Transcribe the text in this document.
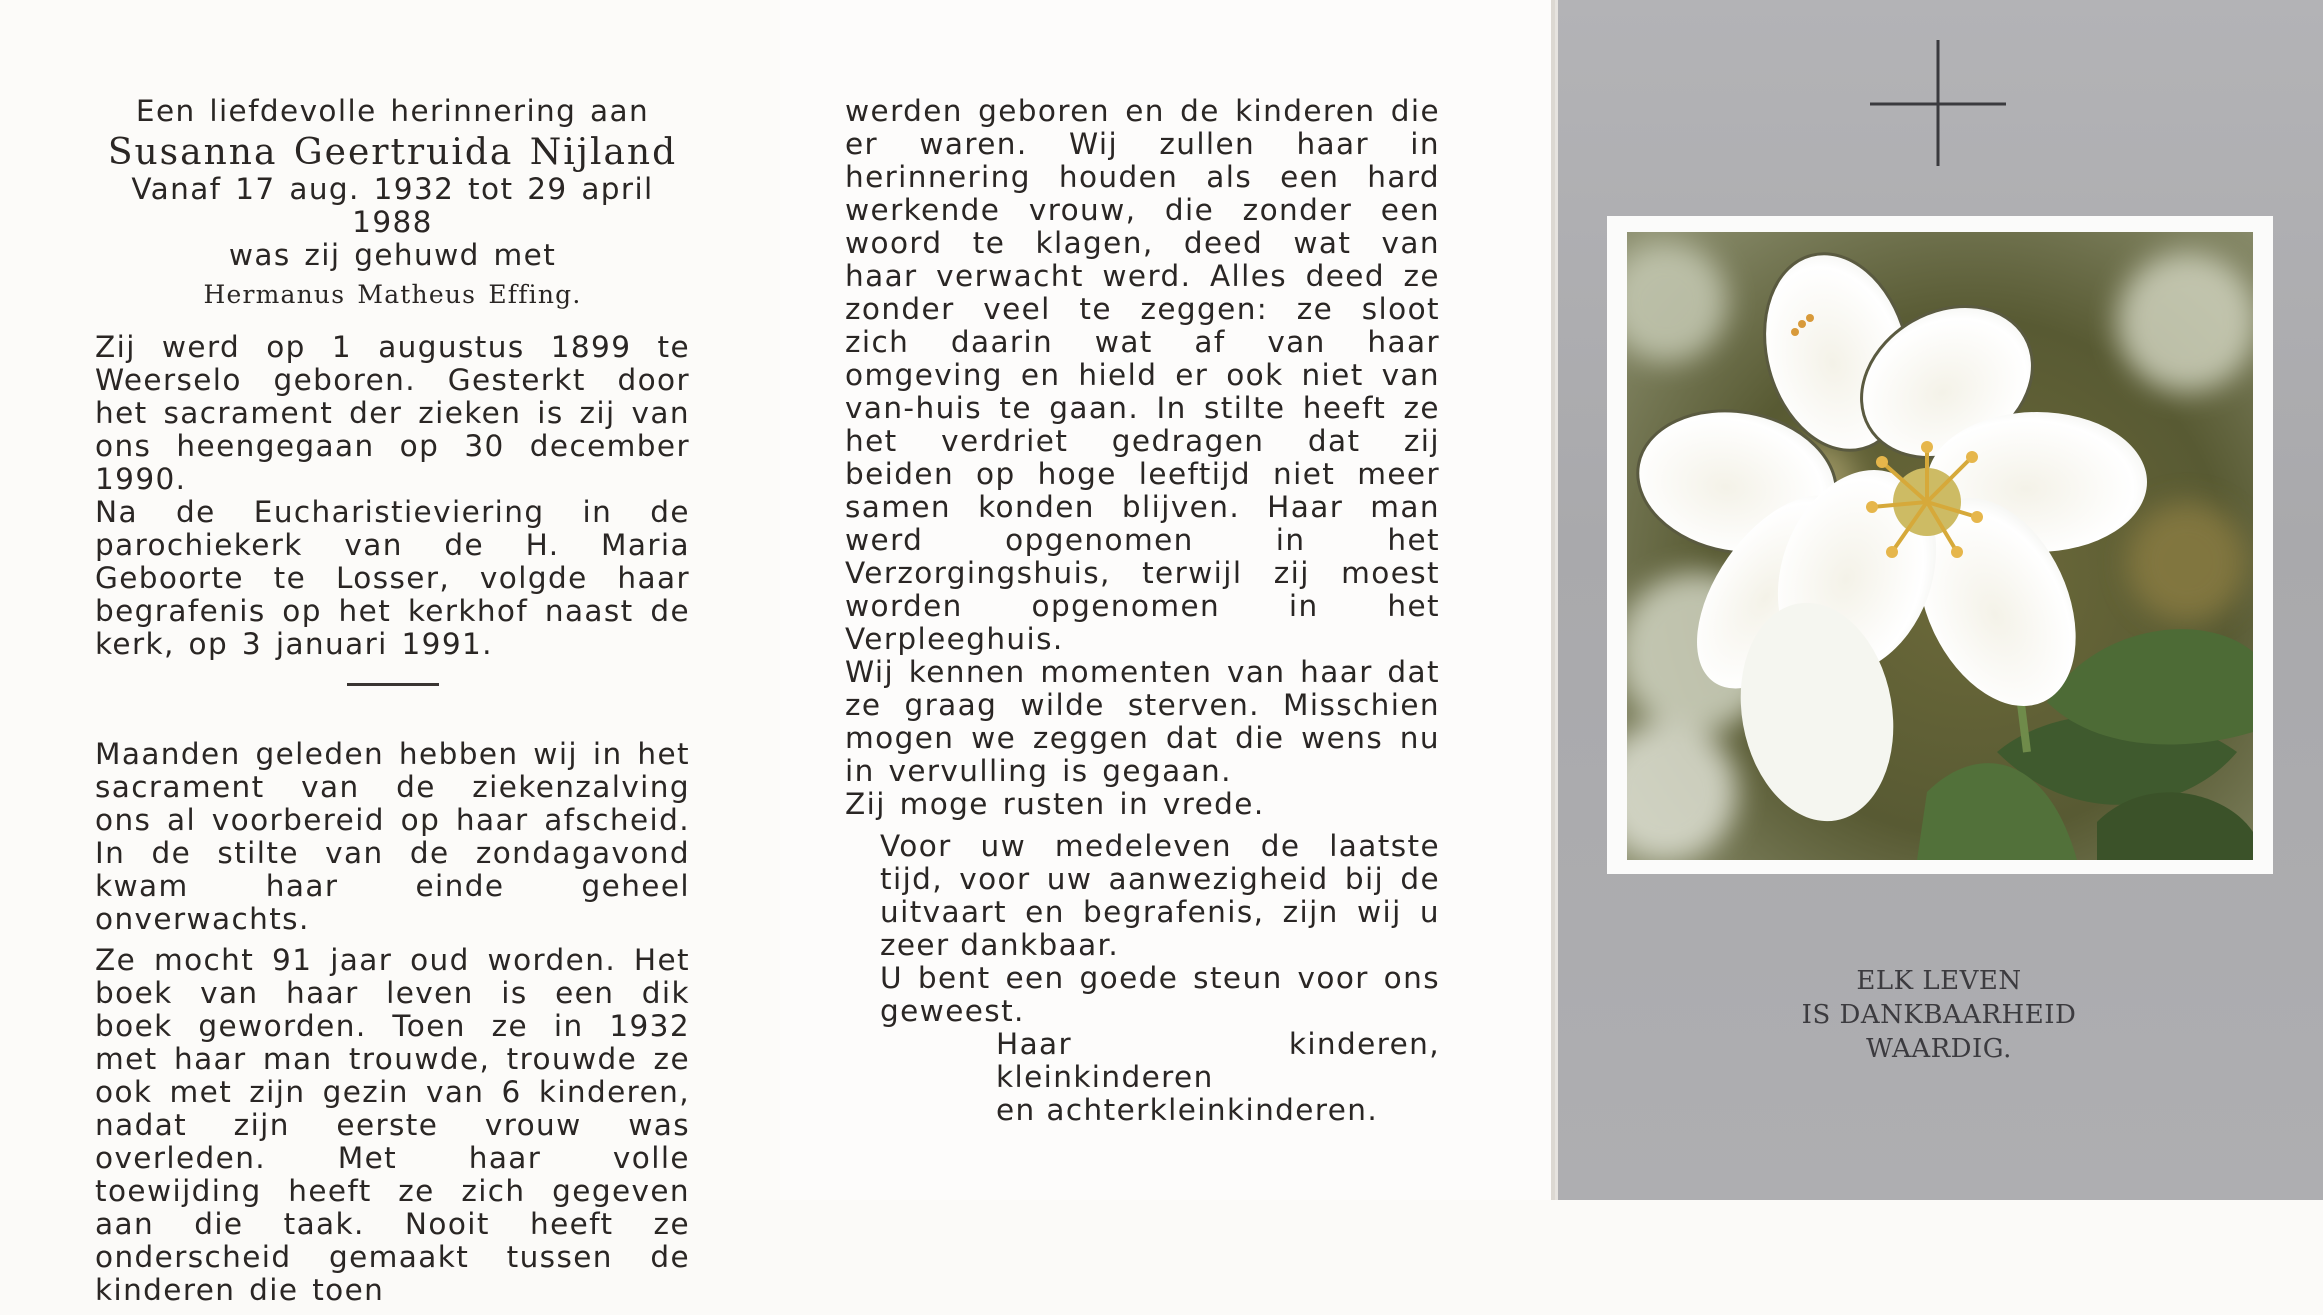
Een liefdevolle herinnering aan

Susanna Geertruida Nijland

Vanaf 17 aug. 1932 tot 29 april 1988

was zij gehuwd met

Hermanus Matheus Effing.

Zij werd op 1 augustus 1899 te Weerselo geboren. Gesterkt door het sacrament der zieken is zij van ons heengegaan op 30 december 1990.

Na de Eucharistieviering in de parochiekerk van de H. Maria Geboorte te Losser, volgde haar begrafenis op het kerkhof naast de kerk, op 3 januari 1991.

Maanden geleden hebben wij in het sacrament van de ziekenzalving ons al voorbereid op haar afscheid. In de stilte van de zondagavond kwam haar einde geheel onverwachts.

Ze mocht 91 jaar oud worden. Het boek van haar leven is een dik boek geworden. Toen ze in 1932 met haar man trouwde, trouwde ze ook met zijn gezin van 6 kinderen, nadat zijn eerste vrouw was overleden. Met haar volle toewijding heeft ze zich gegeven aan die taak. Nooit heeft ze onderscheid gemaakt tussen de kinderen die toen

werden geboren en de kinderen die er waren. Wij zullen haar in herinnering houden als een hard werkende vrouw, die zonder een woord te klagen, deed wat van haar verwacht werd. Alles deed ze zonder veel te zeggen: ze sloot zich daarin wat af van haar omgeving en hield er ook niet van van-huis te gaan. In stilte heeft ze het verdriet gedragen dat zij beiden op hoge leeftijd niet meer samen konden blijven. Haar man werd opgenomen in het Verzorgingshuis, terwijl zij moest worden opgenomen in het Verpleeghuis.

Wij kennen momenten van haar dat ze graag wilde sterven. Misschien mogen we zeggen dat die wens nu in vervulling is gegaan.

Zij moge rusten in vrede.

Voor uw medeleven de laatste tijd, voor uw aanwezigheid bij de uitvaart en begrafenis, zijn wij u zeer dankbaar.

U bent een goede steun voor ons geweest.

Haar kinderen, kleinkinderen

en achterkleinkinderen.

ELK LEVEN
IS DANKBAARHEID
WAARDIG.
